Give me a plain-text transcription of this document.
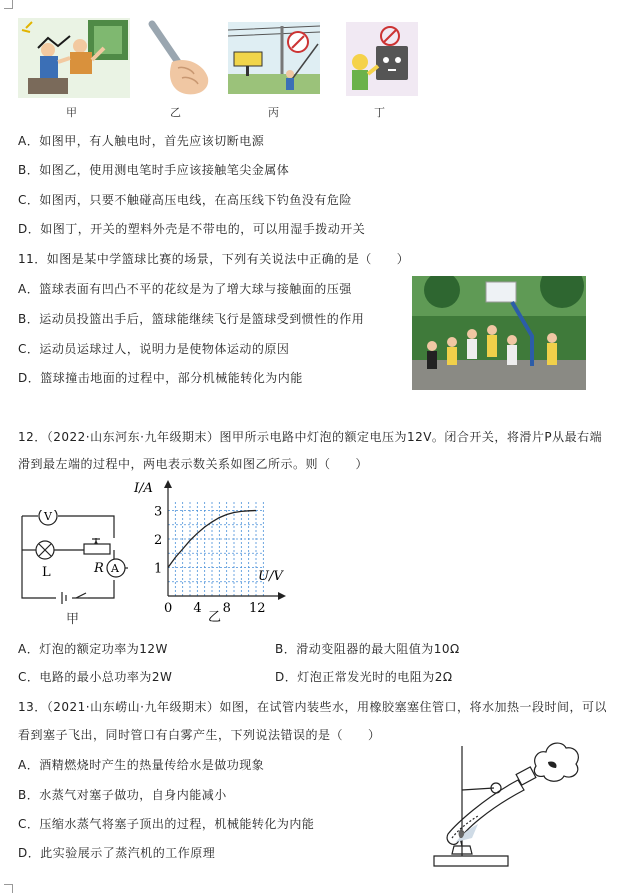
甲	乙	丙	丁
A．如图甲，有人触电时，首先应该切断电源
B．如图乙，使用测电笔时手应该接触笔尖金属体
C．如图丙，只要不触碰高压电线，在高压线下钓鱼没有危险
D．如图丁，开关的塑料外壳是不带电的，可以用湿手拨动开关
11．如图是某中学篮球比赛的场景，下列有关说法中正确的是（　　）
A．篮球表面有凹凸不平的花纹是为了增大球与接触面的压强
B．运动员投篮出手后，篮球能继续飞行是篮球受到惯性的作用
C．运动员运球过人，说明力是使物体运动的原因
D．篮球撞击地面的过程中，部分机械能转化为内能
12．（2022·山东河东·九年级期末）图甲所示电路中灯泡的额定电压为12V。闭合开关，将滑片P从最右端
滑到最左端的过程中，两电表示数关系如图乙所示。则（　　）
V
A
L	R
甲
I/A
U/V
0 4 8 12
1
2
3
乙
A．灯泡的额定功率为12W	B．滑动变阻器的最大阻值为10Ω
C．电路的最小总功率为2W	D．灯泡正常发光时的电阻为2Ω
13．（2021·山东崂山·九年级期末）如图，在试管内装些水，用橡胶塞塞住管口，将水加热一段时间，可以
看到塞子飞出，同时管口有白雾产生，下列说法错误的是（　　）
A．酒精燃烧时产生的热量传给水是做功现象
B．水蒸气对塞子做功，自身内能减小
C．压缩水蒸气将塞子顶出的过程，机械能转化为内能
D．此实验展示了蒸汽机的工作原理
